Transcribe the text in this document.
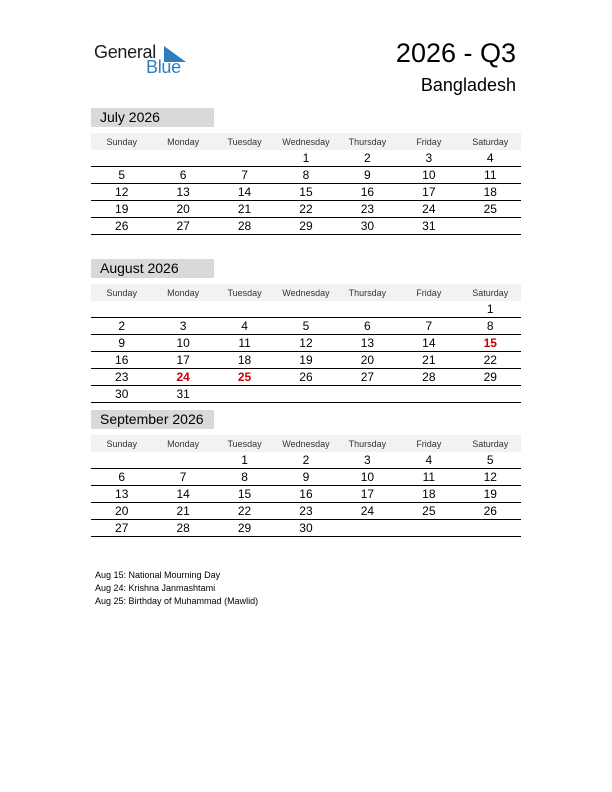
General
Blue	2026 - Q3
Bangladesh
July 2026
Sunday	Monday	Tuesday	Wednesday	Thursday	Friday	Saturday
			1	2	3	4
5	6	7	8	9	10	11
12	13	14	15	16	17	18
19	20	21	22	23	24	25
26	27	28	29	30	31	
August 2026
Sunday	Monday	Tuesday	Wednesday	Thursday	Friday	Saturday
						1
2	3	4	5	6	7	8
9	10	11	12	13	14	15
16	17	18	19	20	21	22
23	24	25	26	27	28	29
30	31					
September 2026
Sunday	Monday	Tuesday	Wednesday	Thursday	Friday	Saturday
		1	2	3	4	5
6	7	8	9	10	11	12
13	14	15	16	17	18	19
20	21	22	23	24	25	26
27	28	29	30			
Aug 15: National Mourning Day
Aug 24: Krishna Janmashtami
Aug 25: Birthday of Muhammad (Mawlid)
